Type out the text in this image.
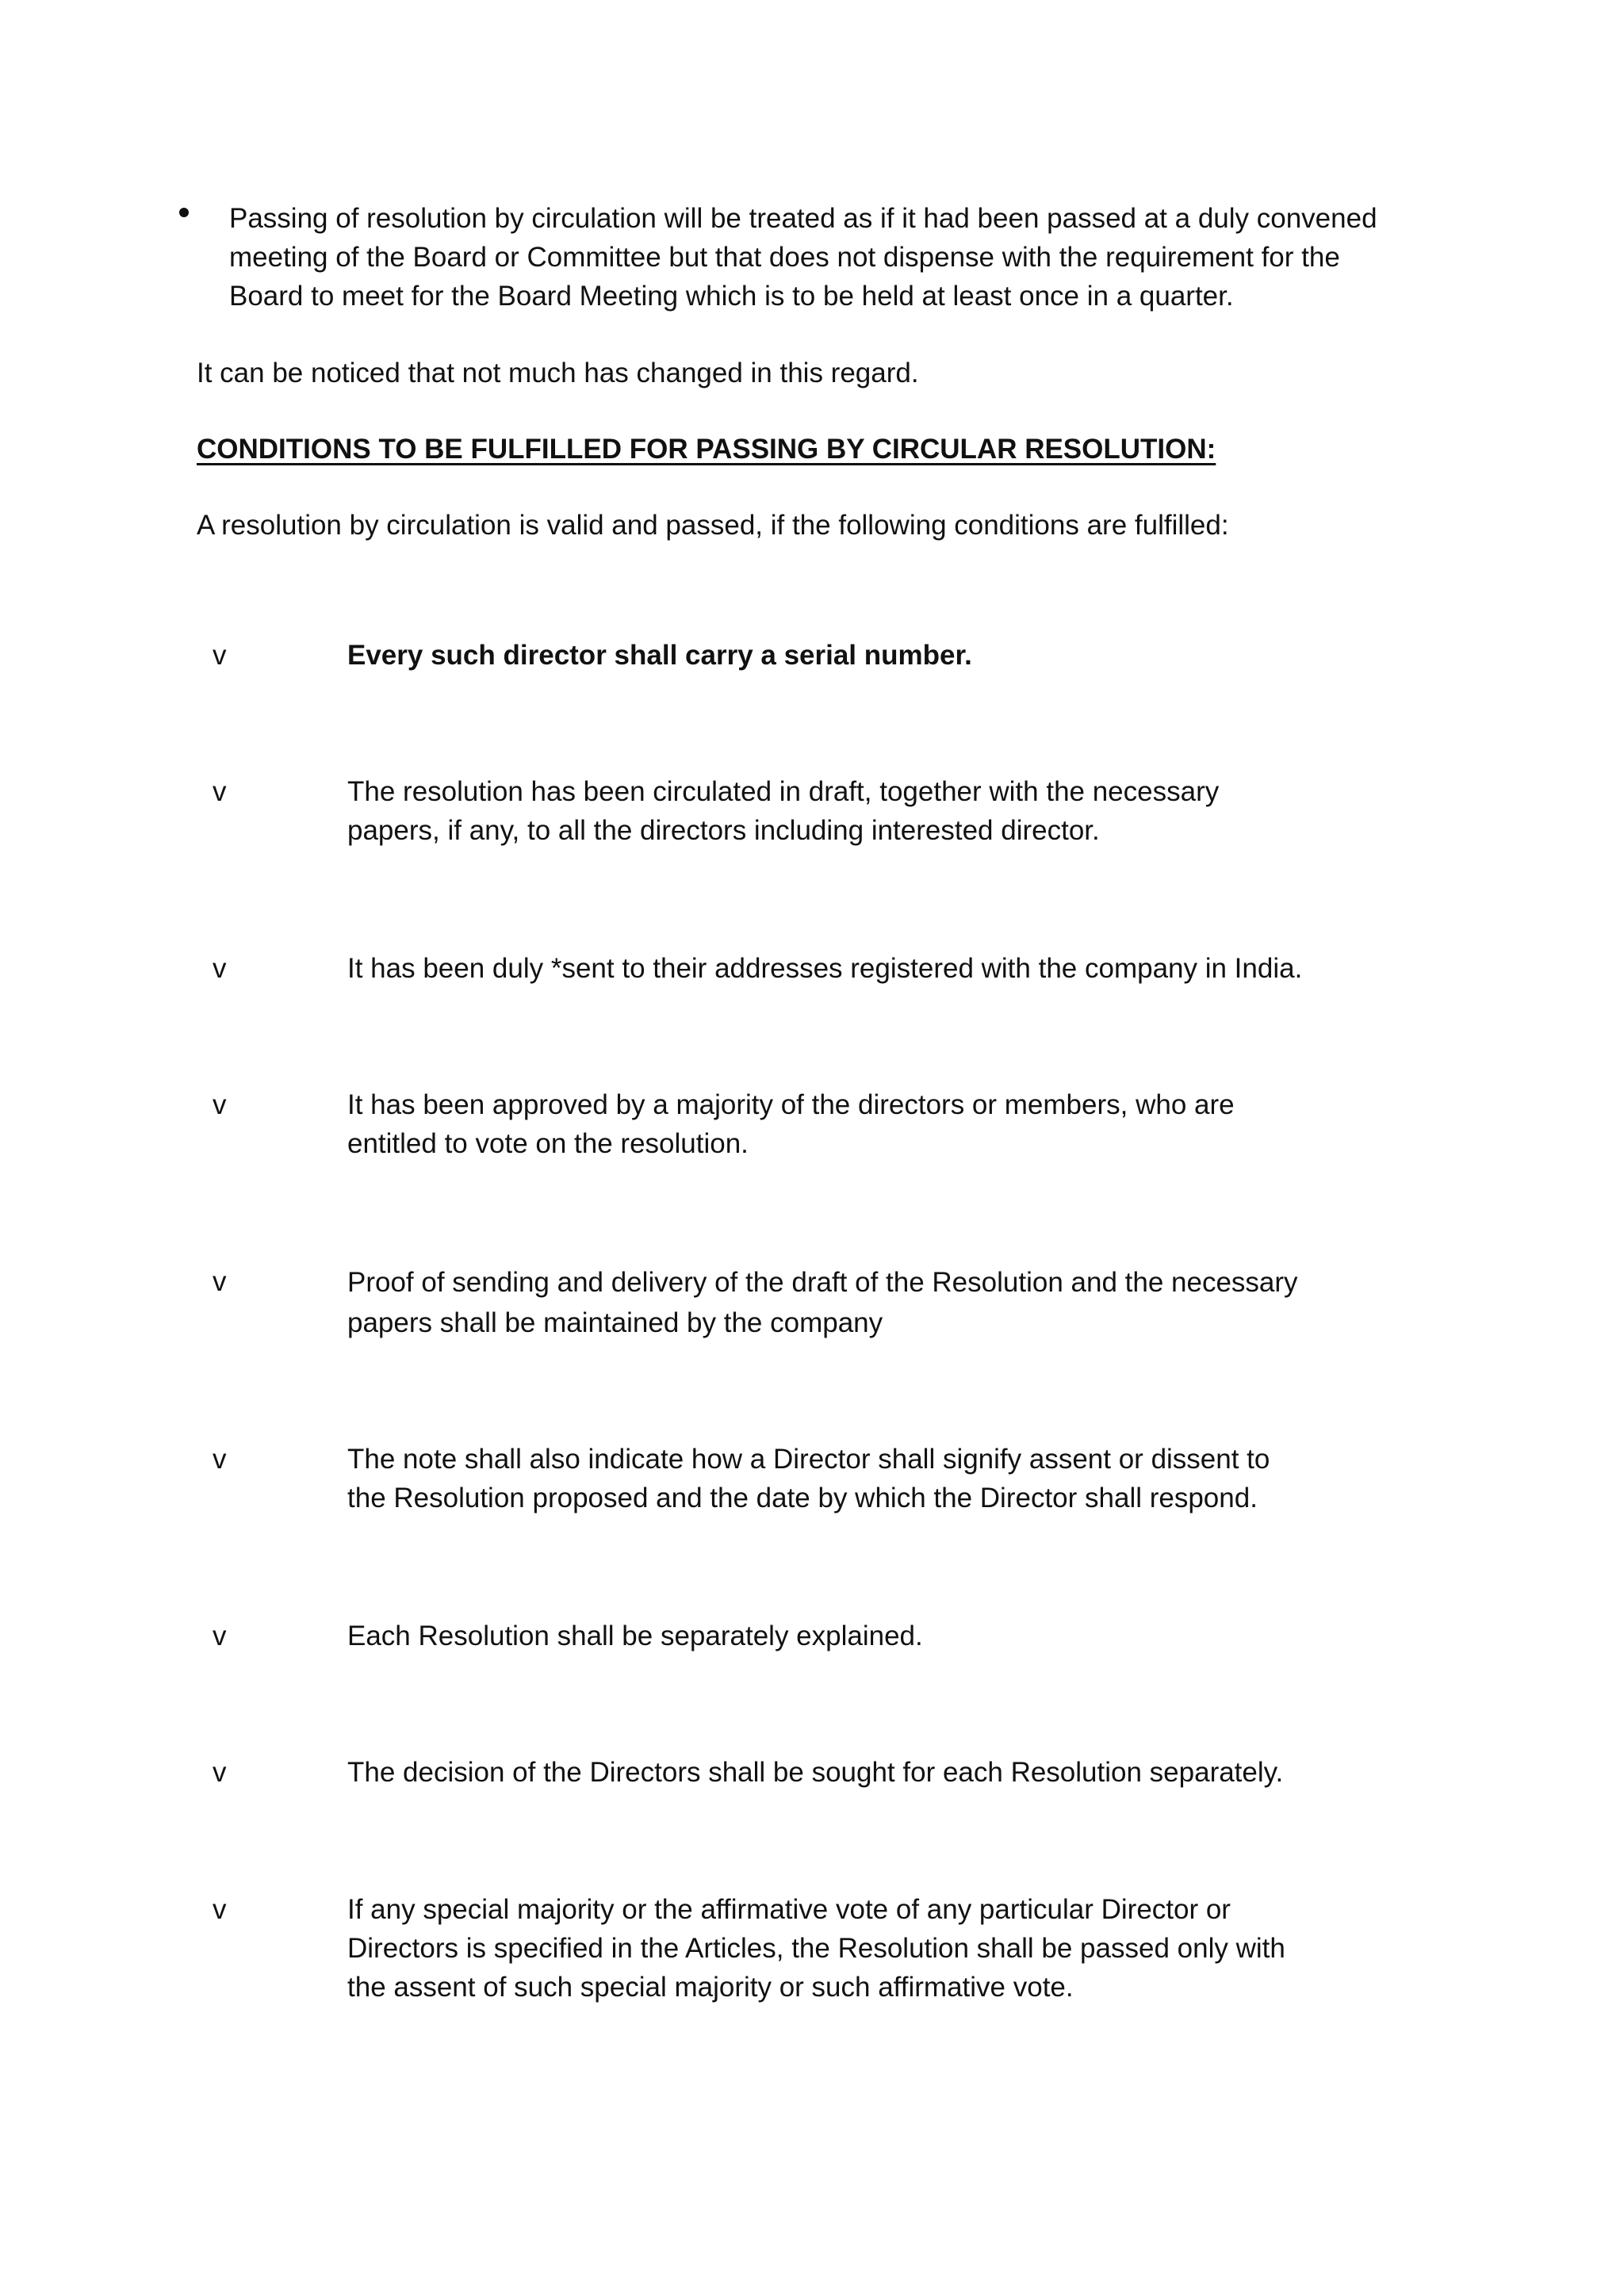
Passing of resolution by circulation will be treated as if it had been passed at a duly convened
meeting of the Board or Committee but that does not dispense with the requirement for the
Board to meet for the Board Meeting which is to be held at least once in a quarter.
It can be noticed that not much has changed in this regard.
CONDITIONS TO BE FULFILLED FOR PASSING BY CIRCULAR RESOLUTION:
A resolution by circulation is valid and passed, if the following conditions are fulfilled:
v	Every such director shall carry a serial number.
v	The resolution has been circulated in draft, together with the necessary
papers, if any, to all the directors including interested director.
v	It has been duly *sent to their addresses registered with the company in India.
v	It has been approved by a majority of the directors or members, who are
entitled to vote on the resolution.
v	Proof of sending and delivery of the draft of the Resolution and the necessary
papers shall be maintained by the company
v	The note shall also indicate how a Director shall signify assent or dissent to
the Resolution proposed and the date by which the Director shall respond.
v	Each Resolution shall be separately explained.
v	The decision of the Directors shall be sought for each Resolution separately.
v	If any special majority or the affirmative vote of any particular Director or
Directors is specified in the Articles, the Resolution shall be passed only with
the assent of such special majority or such affirmative vote.
